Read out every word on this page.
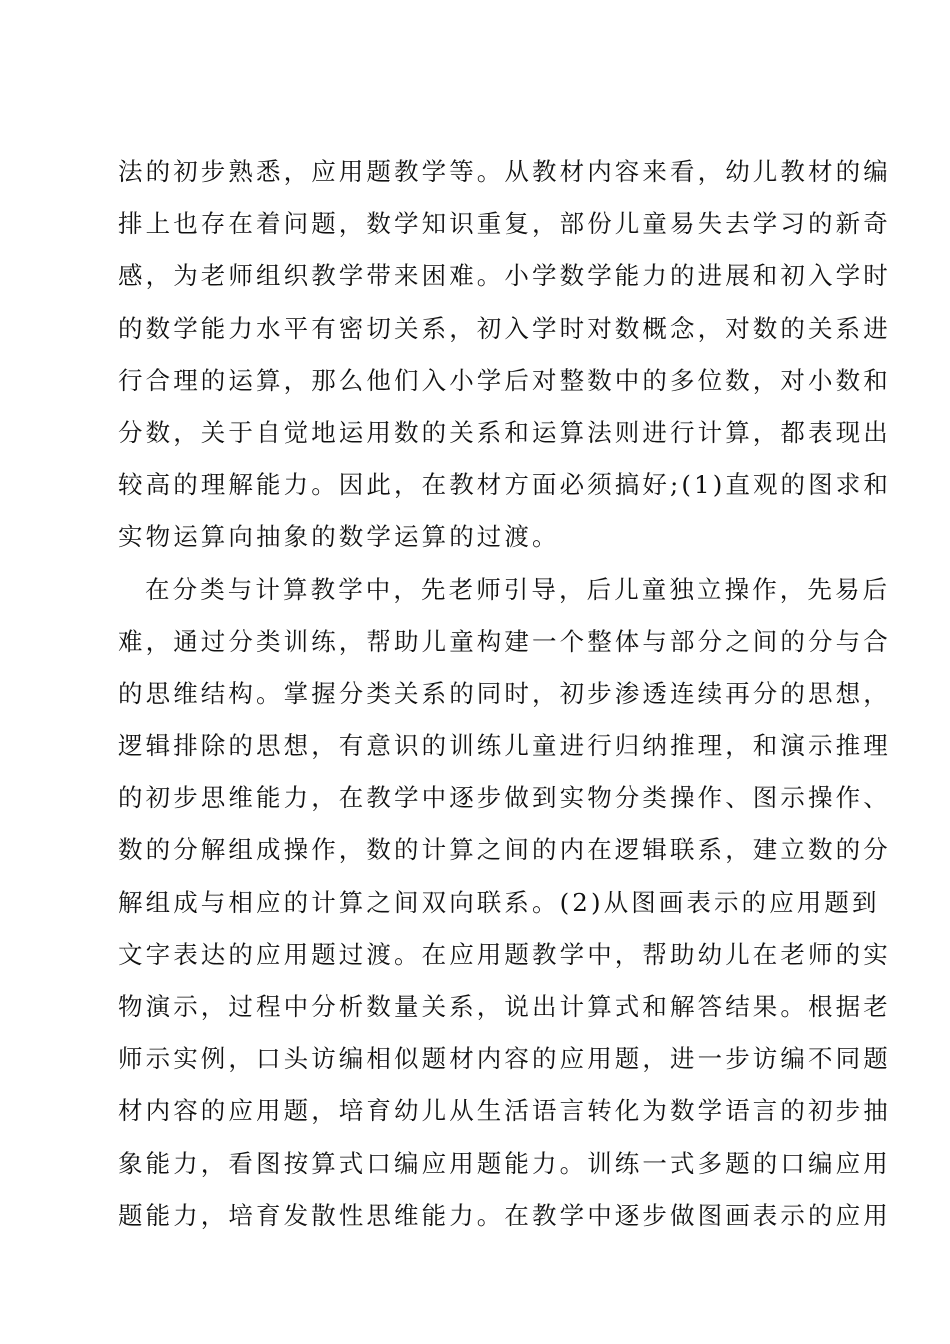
法的初步熟悉，应用题教学等。从教材内容来看，幼儿教材的编
排上也存在着问题，数学知识重复，部份儿童易失去学习的新奇
感，为老师组织教学带来困难。小学数学能力的进展和初入学时
的数学能力水平有密切关系，初入学时对数概念，对数的关系进
行合理的运算，那么他们入小学后对整数中的多位数，对小数和
分数，关于自觉地运用数的关系和运算法则进行计算，都表现出
较高的理解能力。因此，在教材方面必须搞好;(1)直观的图求和
实物运算向抽象的数学运算的过渡。
在分类与计算教学中，先老师引导，后儿童独立操作，先易后
难，通过分类训练，帮助儿童构建一个整体与部分之间的分与合
的思维结构。掌握分类关系的同时，初步渗透连续再分的思想，
逻辑排除的思想，有意识的训练儿童进行归纳推理，和演示推理
的初步思维能力，在教学中逐步做到实物分类操作、图示操作、
数的分解组成操作，数的计算之间的内在逻辑联系，建立数的分
解组成与相应的计算之间双向联系。(2)从图画表示的应用题到
文字表达的应用题过渡。在应用题教学中，帮助幼儿在老师的实
物演示，过程中分析数量关系，说出计算式和解答结果。根据老
师示实例，口头访编相似题材内容的应用题，进一步访编不同题
材内容的应用题，培育幼儿从生活语言转化为数学语言的初步抽
象能力，看图按算式口编应用题能力。训练一式多题的口编应用
题能力，培育发散性思维能力。在教学中逐步做图画表示的应用
